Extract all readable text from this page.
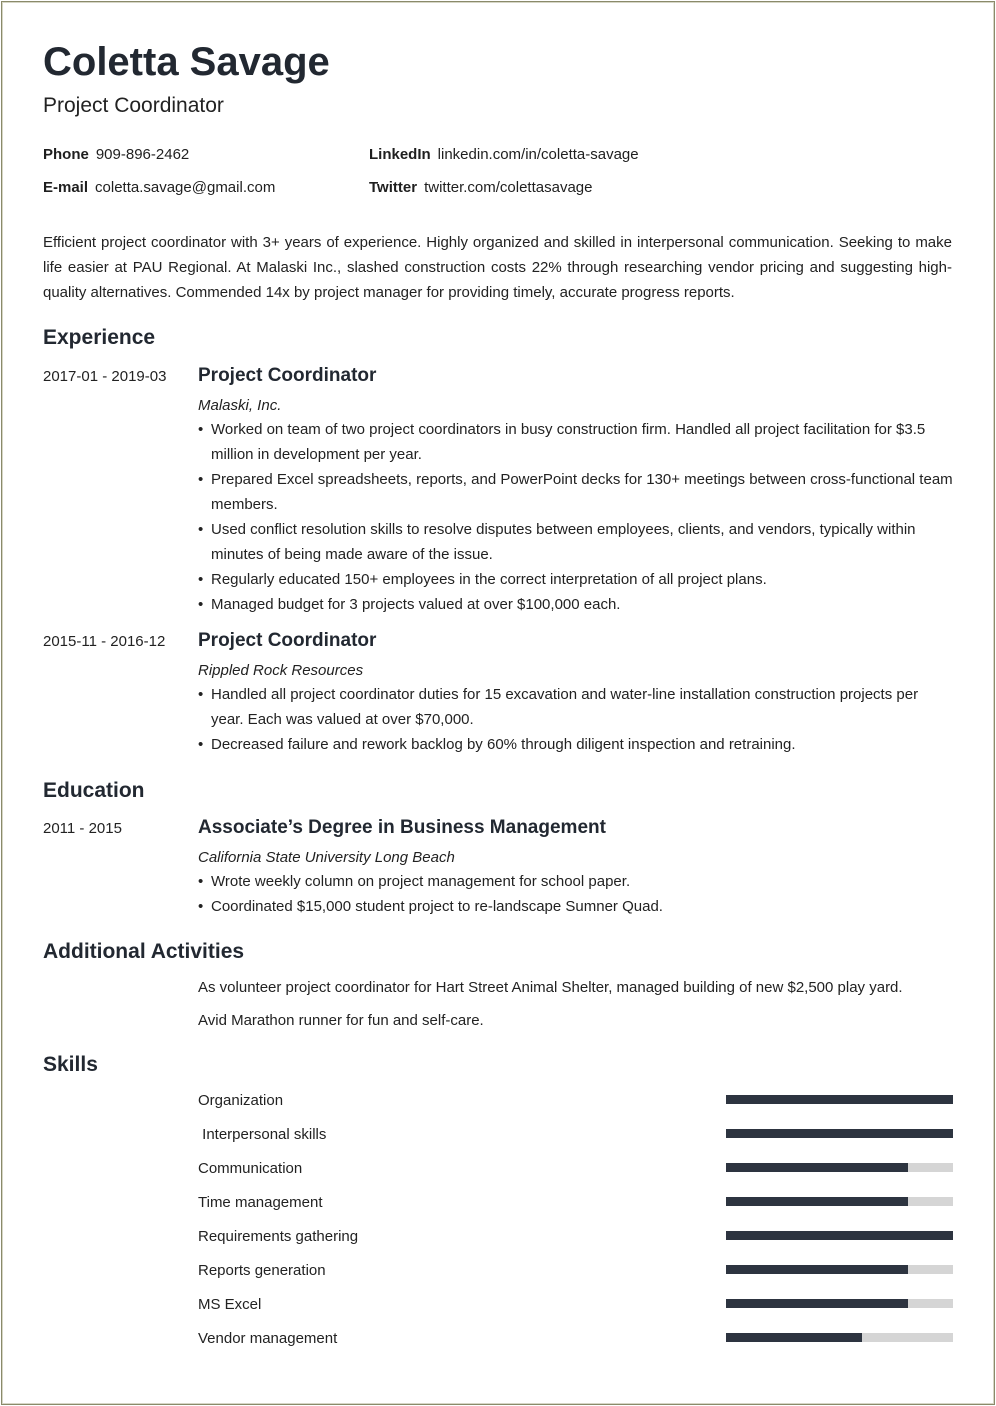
Coletta Savage
Project Coordinator
Phone 909-896-2462	LinkedIn linkedin.com/in/coletta-savage
E-mail coletta.savage@gmail.com	Twitter twitter.com/colettasavage

Efficient project coordinator with 3+ years of experience. Highly organized and skilled in interpersonal communication. Seeking to make life easier at PAU Regional. At Malaski Inc., slashed construction costs 22% through researching vendor pricing and suggesting high-quality alternatives. Commended 14x by project manager for providing timely, accurate progress reports.

Experience
2017-01 - 2019-03 Project Coordinator
Malaski, Inc.
• Worked on team of two project coordinators in busy construction firm. Handled all project facilitation for $3.5 million in development per year.
• Prepared Excel spreadsheets, reports, and PowerPoint decks for 130+ meetings between cross-functional team members.
• Used conflict resolution skills to resolve disputes between employees, clients, and vendors, typically within minutes of being made aware of the issue.
• Regularly educated 150+ employees in the correct interpretation of all project plans.
• Managed budget for 3 projects valued at over $100,000 each.
2015-11 - 2016-12 Project Coordinator
Rippled Rock Resources
• Handled all project coordinator duties for 15 excavation and water-line installation construction projects per year. Each was valued at over $70,000.
• Decreased failure and rework backlog by 60% through diligent inspection and retraining.
Education
2011 - 2015	Associate’s Degree in Business Management
California State University Long Beach
• Wrote weekly column on project management for school paper.
• Coordinated $15,000 student project to re-landscape Sumner Quad.
Additional Activities
As volunteer project coordinator for Hart Street Animal Shelter, managed building of new $2,500 play yard.
Avid Marathon runner for fun and self-care.
Skills
Organization
Interpersonal skills
Communication
Time management
Requirements gathering
Reports generation
MS Excel
Vendor management
